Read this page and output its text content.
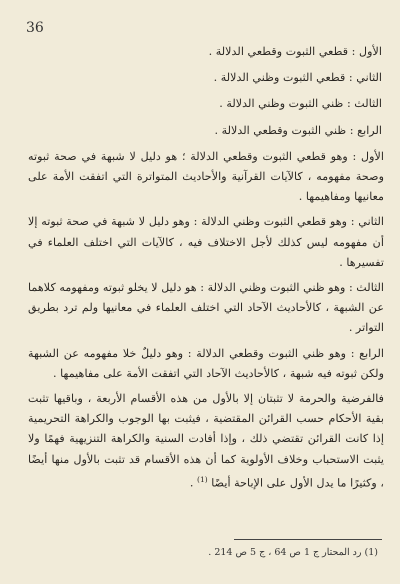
36

الأول : قطعي الثبوت وقطعي الدلالة .

الثاني : قطعي الثبوت وظني الدلالة .

الثالث : ظني الثبوت وظني الدلالة .

الرابع : ظني الثبوت وقطعي الدلالة .

الأول : وهو قطعي الثبوت وقطعي الدلالة ؛ هو دليل لا شبهة في صحة ثبوته وصحة مفهومه ، كالآيات القرآنية والأحاديث المتواترة التي اتفقت الأمة على معانيها ومفاهيمها .

الثاني : وهو قطعي الثبوت وظني الدلالة : وهو دليل لا شبهة في صحة ثبوته إلا أن مفهومه ليس كذلك لأجل الاختلاف فيه ، كالآيات التي اختلف العلماء في تفسيرها .

الثالث : وهو ظني الثبوت وظني الدلالة : هو دليل لا يخلو ثبوته ومفهومه كلاهما عن الشبهة ، كالأحاديث الآحاد التي اختلف العلماء في معانيها ولم ترد بطريق التواتر .

الرابع : وهو ظني الثبوت وقطعي الدلالة : وهو دليلٌ خلا مفهومه عن الشبهة ولكن ثبوته فيه شبهة ، كالأحاديث الآحاد التي اتفقت الأمة على مفاهيمها .

فالفرضية والحرمة لا تثبتان إلا بالأول من هذه الأقسام الأربعة ، وباقيها تثبت بقية الأحكام حسب القرائن المقتضية ، فيثبت بها الوجوب والكراهة التحريمية إذا كانت القرائن تقتضي ذلك ، وإذا أفادت السنية والكراهة التنزيهية فهمًا ولا يثبت الاستحباب وخلاف الأولوية كما أن هذه الأقسام قد تثبت بالأول منها أيضًا ، وكثيرًا ما يدل الأول على الإباحة أيضًا $^{(1)}$ .

(1) رد المحتار ج 1 ص 64 ، ج 5 ص 214 .
